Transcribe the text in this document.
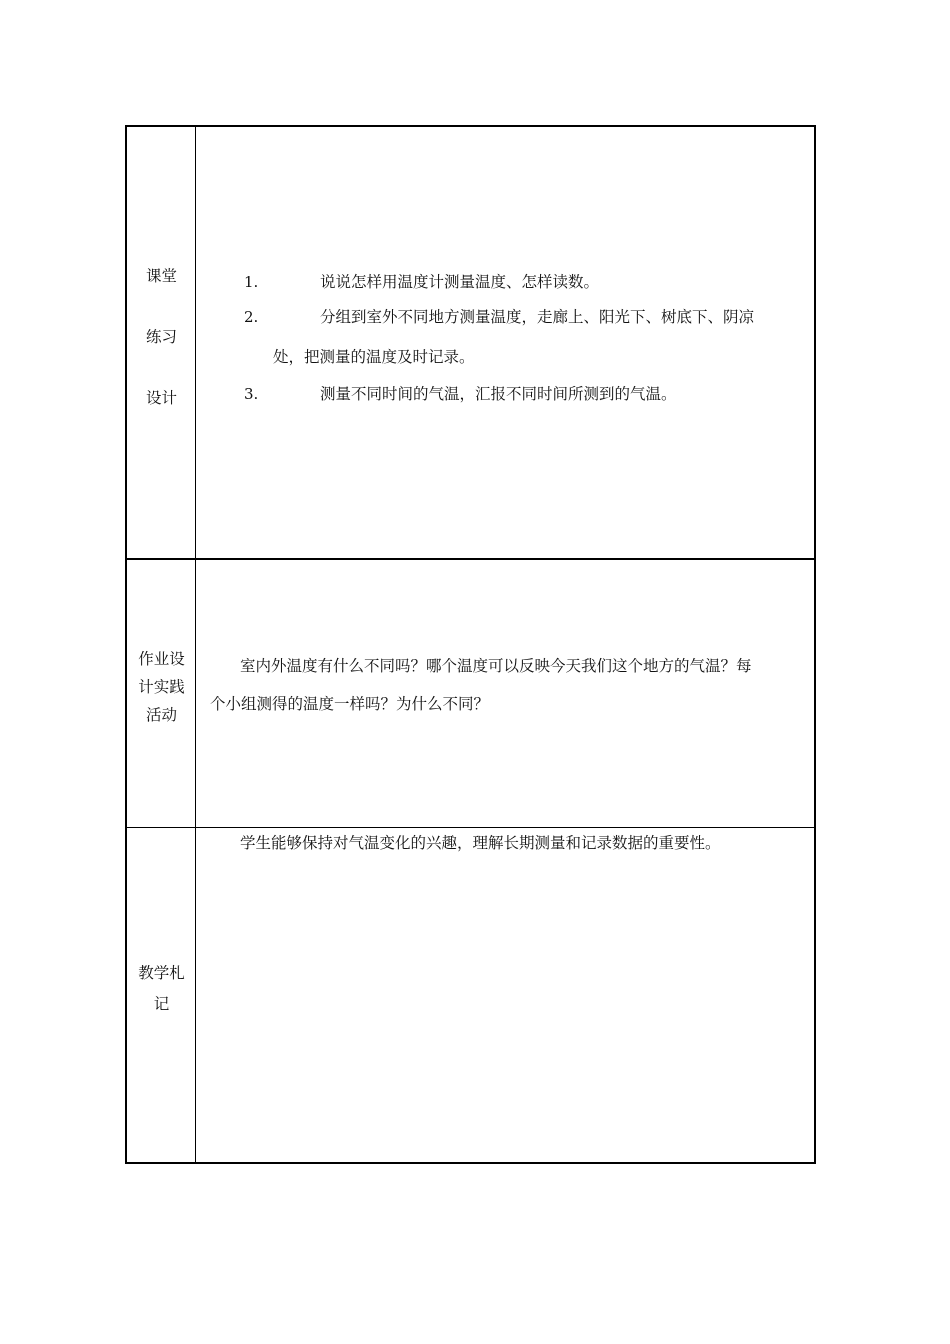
课堂
练习
设计
1.	说说怎样用温度计测量温度、怎样读数。
2.	分组到室外不同地方测量温度，走廊上、阳光下、树底下、阴凉
处，把测量的温度及时记录。
3.	测量不同时间的气温，汇报不同时间所测到的气温。
作业设
计实践
活动
室内外温度有什么不同吗？哪个温度可以反映今天我们这个地方的气温？每
个小组测得的温度一样吗？为什么不同？
教学札
记
学生能够保持对气温变化的兴趣，理解长期测量和记录数据的重要性。
